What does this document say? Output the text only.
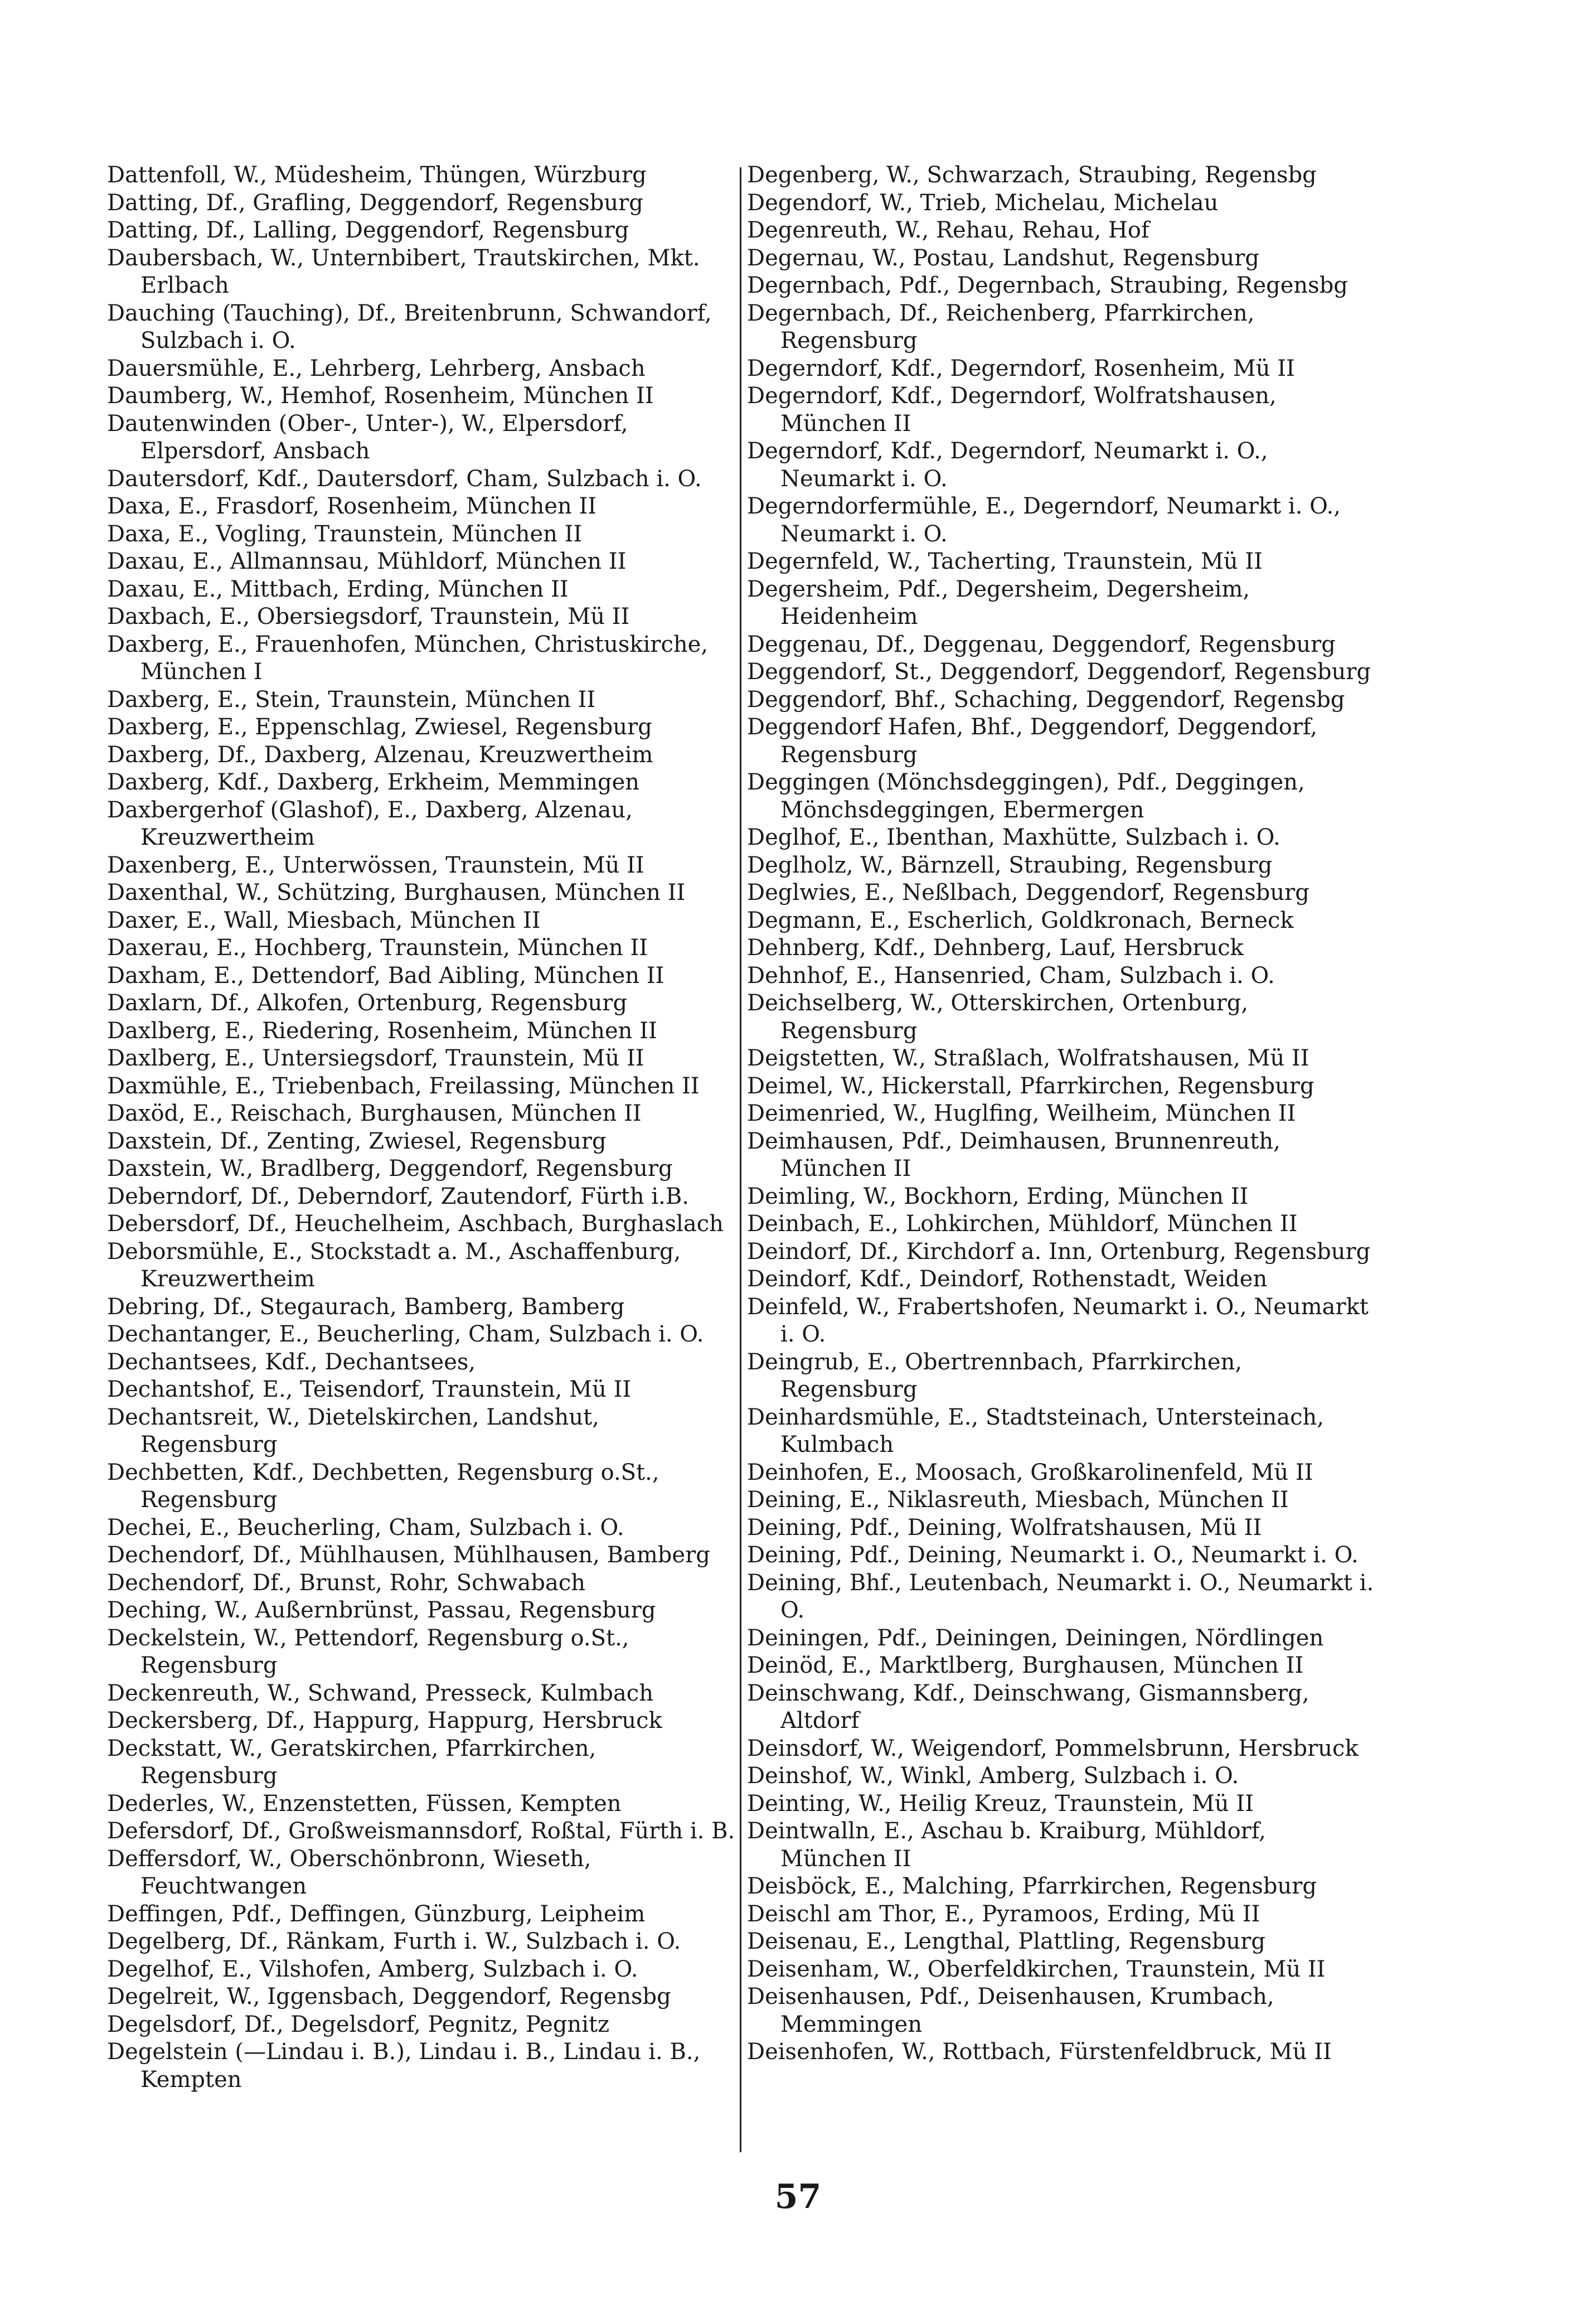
Dattenfoll, W., Müdesheim, Thüngen, Würzburg
Datting, Df., Grafling, Deggendorf, Regensburg
Datting, Df., Lalling, Deggendorf, Regensburg
Daubersbach, W., Unternbibert, Trautskirchen, Mkt. Erlbach
Dauching (Tauching), Df., Breitenbrunn, Schwandorf, Sulzbach i. O.
Dauersmühle, E., Lehrberg, Lehrberg, Ansbach
Daumberg, W., Hemhof, Rosenheim, München II
Dautenwinden (Ober-, Unter-), W., Elpersdorf, Elpersdorf, Ansbach
Dautersdorf, Kdf., Dautersdorf, Cham, Sulzbach i. O.
Daxa, E., Frasdorf, Rosenheim, München II
Daxa, E., Vogling, Traunstein, München II
Daxau, E., Allmannsau, Mühldorf, München II
Daxau, E., Mittbach, Erding, München II
Daxbach, E., Obersiegsdorf, Traunstein, Mü II
Daxberg, E., Frauenhofen, München, Christuskirche, München I
Daxberg, E., Stein, Traunstein, München II
Daxberg, E., Eppenschlag, Zwiesel, Regensburg
Daxberg, Df., Daxberg, Alzenau, Kreuzwertheim
Daxberg, Kdf., Daxberg, Erkheim, Memmingen
Daxbergerhof (Glashof), E., Daxberg, Alzenau, Kreuzwertheim
Daxenberg, E., Unterwössen, Traunstein, Mü II
Daxenthal, W., Schützing, Burghausen, München II
Daxer, E., Wall, Miesbach, München II
Daxerau, E., Hochberg, Traunstein, München II
Daxham, E., Dettendorf, Bad Aibling, München II
Daxlarn, Df., Alkofen, Ortenburg, Regensburg
Daxlberg, E., Riedering, Rosenheim, München II
Daxlberg, E., Untersiegsdorf, Traunstein, Mü II
Daxmühle, E., Triebenbach, Freilassing, München II
Daxöd, E., Reischach, Burghausen, München II
Daxstein, Df., Zenting, Zwiesel, Regensburg
Daxstein, W., Bradlberg, Deggendorf, Regensburg
Deberndorf, Df., Deberndorf, Zautendorf, Fürth i.B.
Debersdorf, Df., Heuchelheim, Aschbach, Burghaslach
Deborsmühle, E., Stockstadt a. M., Aschaffenburg, Kreuzwertheim
Debring, Df., Stegaurach, Bamberg, Bamberg
Dechantanger, E., Beucherling, Cham, Sulzbach i. O.
Dechantsees, Kdf., Dechantsees,
Dechantshof, E., Teisendorf, Traunstein, Mü II
Dechantsreit, W., Dietelskirchen, Landshut, Regensburg
Dechbetten, Kdf., Dechbetten, Regensburg o.St., Regensburg
Dechei, E., Beucherling, Cham, Sulzbach i. O.
Dechendorf, Df., Mühlhausen, Mühlhausen, Bamberg
Dechendorf, Df., Brunst, Rohr, Schwabach
Deching, W., Außernbrünst, Passau, Regensburg
Deckelstein, W., Pettendorf, Regensburg o.St., Regensburg
Deckenreuth, W., Schwand, Presseck, Kulmbach
Deckersberg, Df., Happurg, Happurg, Hersbruck
Deckstatt, W., Geratskirchen, Pfarrkirchen, Regensburg
Dederles, W., Enzenstetten, Füssen, Kempten
Defersdorf, Df., Großweismannsdorf, Roßtal, Fürth i. B.
Deffersdorf, W., Oberschönbronn, Wieseth, Feuchtwangen
Deffingen, Pdf., Deffingen, Günzburg, Leipheim
Degelberg, Df., Ränkam, Furth i. W., Sulzbach i. O.
Degelhof, E., Vilshofen, Amberg, Sulzbach i. O.
Degelreit, W., Iggensbach, Deggendorf, Regensbg
Degelsdorf, Df., Degelsdorf, Pegnitz, Pegnitz
Degelstein (—Lindau i. B.), Lindau i. B., Lindau i. B., Kempten
Degenberg, W., Schwarzach, Straubing, Regensbg
Degendorf, W., Trieb, Michelau, Michelau
Degenreuth, W., Rehau, Rehau, Hof
Degernau, W., Postau, Landshut, Regensburg
Degernbach, Pdf., Degernbach, Straubing, Regensbg
Degernbach, Df., Reichenberg, Pfarrkirchen, Regensburg
Degerndorf, Kdf., Degerndorf, Rosenheim, Mü II
Degerndorf, Kdf., Degerndorf, Wolfratshausen, München II
Degerndorf, Kdf., Degerndorf, Neumarkt i. O., Neumarkt i. O.
Degerndorfermühle, E., Degerndorf, Neumarkt i. O., Neumarkt i. O.
Degernfeld, W., Tacherting, Traunstein, Mü II
Degersheim, Pdf., Degersheim, Degersheim, Heidenheim
Deggenau, Df., Deggenau, Deggendorf, Regensburg
Deggendorf, St., Deggendorf, Deggendorf, Regensburg
Deggendorf, Bhf., Schaching, Deggendorf, Regensbg
Deggendorf Hafen, Bhf., Deggendorf, Deggendorf, Regensburg
Deggingen (Mönchsdeggingen), Pdf., Deggingen, Mönchsdeggingen, Ebermergen
Deglhof, E., Ibenthan, Maxhütte, Sulzbach i. O.
Deglholz, W., Bärnzell, Straubing, Regensburg
Deglwies, E., Neßlbach, Deggendorf, Regensburg
Degmann, E., Escherlich, Goldkronach, Berneck
Dehnberg, Kdf., Dehnberg, Lauf, Hersbruck
Dehnhof, E., Hansenried, Cham, Sulzbach i. O.
Deichselberg, W., Otterskirchen, Ortenburg, Regensburg
Deigstetten, W., Straßlach, Wolfratshausen, Mü II
Deimel, W., Hickerstall, Pfarrkirchen, Regensburg
Deimenried, W., Huglfing, Weilheim, München II
Deimhausen, Pdf., Deimhausen, Brunnenreuth, München II
Deimling, W., Bockhorn, Erding, München II
Deinbach, E., Lohkirchen, Mühldorf, München II
Deindorf, Df., Kirchdorf a. Inn, Ortenburg, Regensburg
Deindorf, Kdf., Deindorf, Rothenstadt, Weiden
Deinfeld, W., Frabertshofen, Neumarkt i. O., Neumarkt i. O.
Deingrub, E., Obertrennbach, Pfarrkirchen, Regensburg
Deinhardsmühle, E., Stadtsteinach, Untersteinach, Kulmbach
Deinhofen, E., Moosach, Großkarolinenfeld, Mü II
Deining, E., Niklasreuth, Miesbach, München II
Deining, Pdf., Deining, Wolfratshausen, Mü II
Deining, Pdf., Deining, Neumarkt i. O., Neumarkt i. O.
Deining, Bhf., Leutenbach, Neumarkt i. O., Neumarkt i. O.
Deiningen, Pdf., Deiningen, Deiningen, Nördlingen
Deinöd, E., Marktlberg, Burghausen, München II
Deinschwang, Kdf., Deinschwang, Gismannsberg, Altdorf
Deinsdorf, W., Weigendorf, Pommelsbrunn, Hersbruck
Deinshof, W., Winkl, Amberg, Sulzbach i. O.
Deinting, W., Heilig Kreuz, Traunstein, Mü II
Deintwalln, E., Aschau b. Kraiburg, Mühldorf, München II
Deisböck, E., Malching, Pfarrkirchen, Regensburg
Deischl am Thor, E., Pyramoos, Erding, Mü II
Deisenau, E., Lengthal, Plattling, Regensburg
Deisenham, W., Oberfeldkirchen, Traunstein, Mü II
Deisenhausen, Pdf., Deisenhausen, Krumbach, Memmingen
Deisenhofen, W., Rottbach, Fürstenfeldbruck, Mü II
57
